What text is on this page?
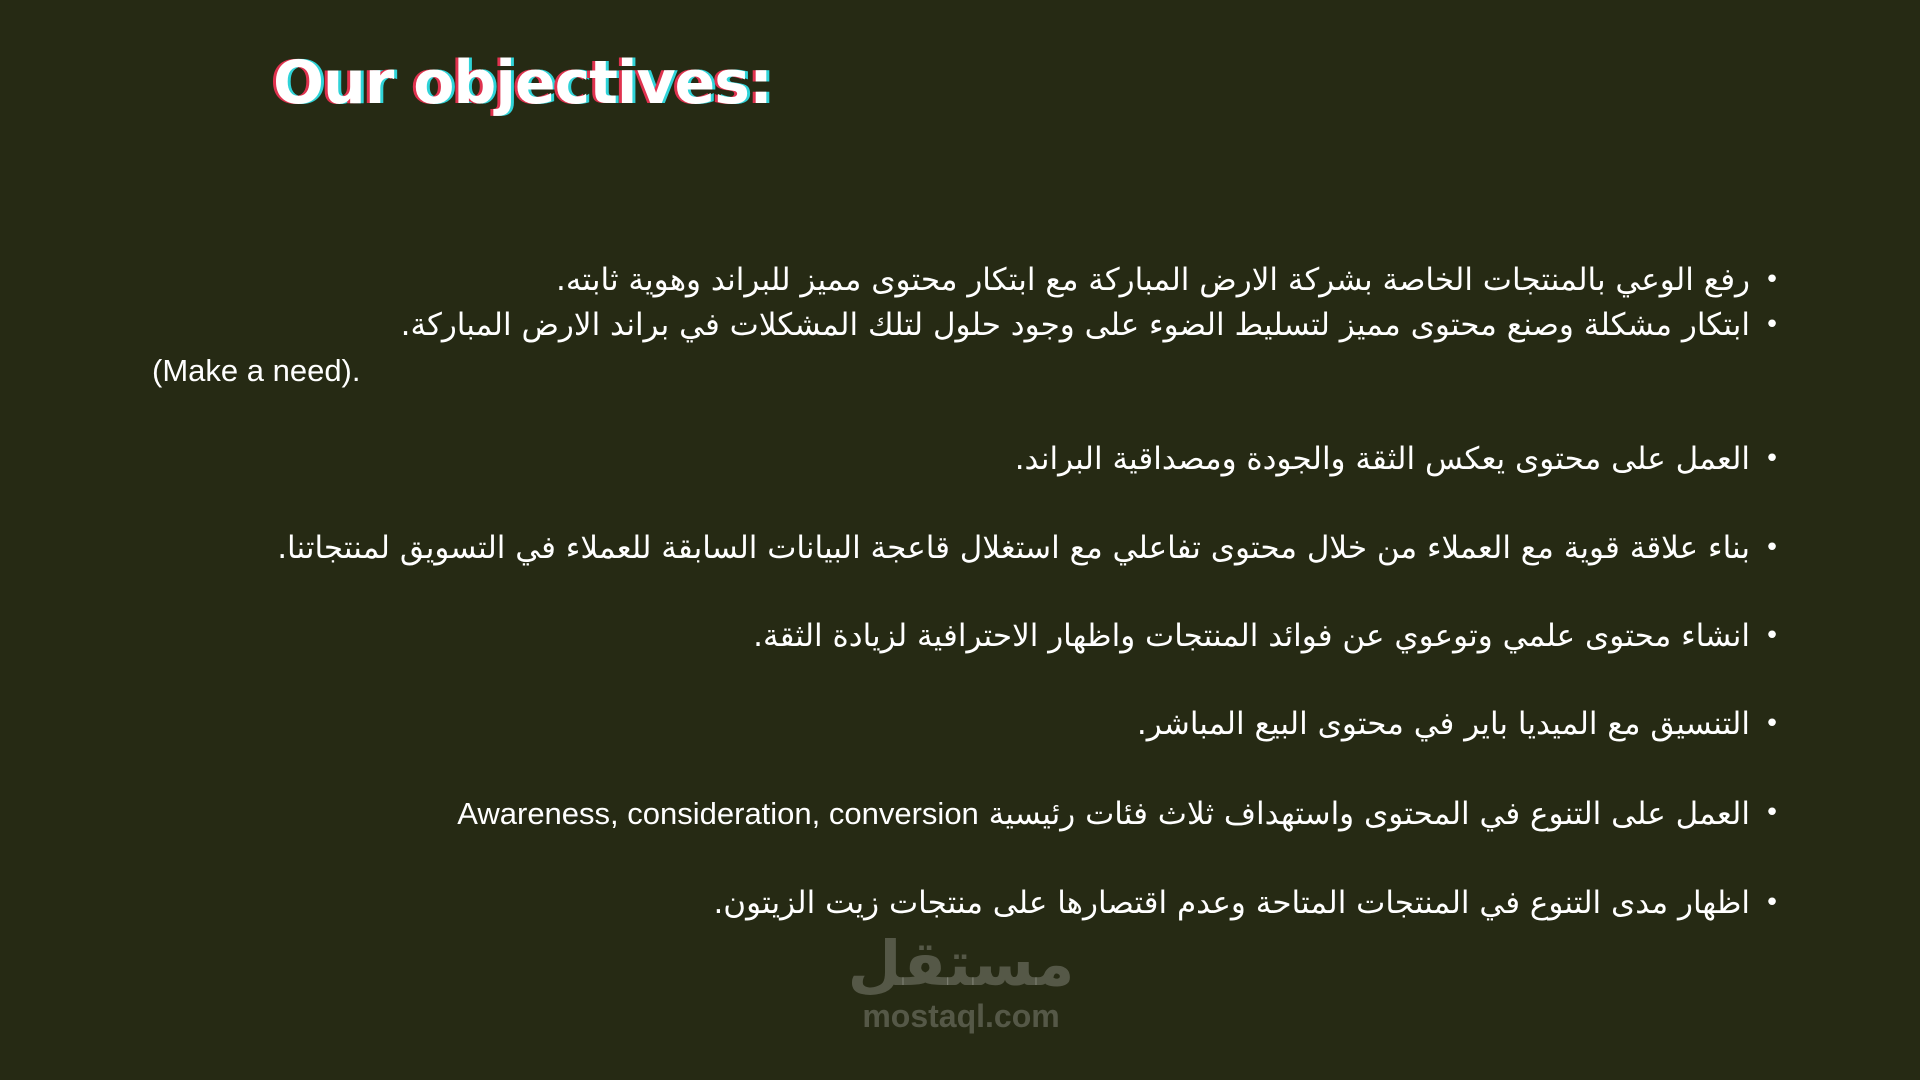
Our objectives:
•
رفع الوعي بالمنتجات الخاصة بشركة الارض المباركة مع ابتكار محتوى مميز للبراند وهوية ثابته.
•
ابتكار مشكلة وصنع محتوى مميز لتسليط الضوء على وجود حلول لتلك المشكلات في براند الارض المباركة.
(Make a need).
•
العمل على محتوى يعكس الثقة والجودة ومصداقية البراند.
•
بناء علاقة قوية مع العملاء من خلال محتوى تفاعلي مع استغلال قاعجة البيانات السابقة للعملاء في التسويق لمنتجاتنا.
•
انشاء محتوى علمي وتوعوي عن فوائد المنتجات واظهار الاحترافية لزيادة الثقة.
•
التنسيق مع الميديا باير في محتوى البيع المباشر.
•
العمل على التنوع في المحتوى واستهداف ثلاث فئات رئيسية Awareness, consideration, conversion
•
اظهار مدى التنوع في المنتجات المتاحة وعدم اقتصارها على منتجات زيت الزيتون.
مستقل
mostaql.com
